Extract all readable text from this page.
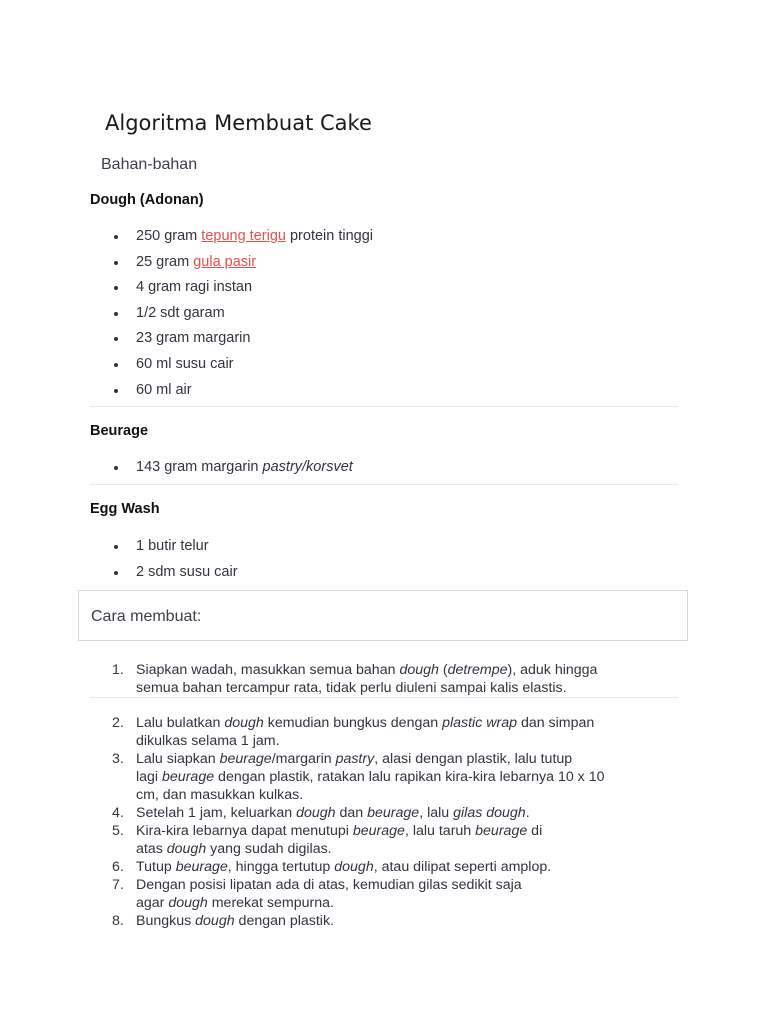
Algoritma Membuat Cake
Bahan-bahan
Dough (Adonan)
250 gram tepung terigu protein tinggi
25 gram gula pasir
4 gram ragi instan
1/2 sdt garam
23 gram margarin
60 ml susu cair
60 ml air
Beurage
143 gram margarin pastry/korsvet
Egg Wash
1 butir telur
2 sdm susu cair
Cara membuat:
1. Siapkan wadah, masukkan semua bahan dough (detrempe), aduk hingga
semua bahan tercampur rata, tidak perlu diuleni sampai kalis elastis.
2. Lalu bulatkan dough kemudian bungkus dengan plastic wrap dan simpan
dikulkas selama 1 jam.
3. Lalu siapkan beurage/margarin pastry, alasi dengan plastik, lalu tutup
lagi beurage dengan plastik, ratakan lalu rapikan kira-kira lebarnya 10 x 10
cm, dan masukkan kulkas.
4. Setelah 1 jam, keluarkan dough dan beurage, lalu gilas dough.
5. Kira-kira lebarnya dapat menutupi beurage, lalu taruh beurage di
atas dough yang sudah digilas.
6. Tutup beurage, hingga tertutup dough, atau dilipat seperti amplop.
7. Dengan posisi lipatan ada di atas, kemudian gilas sedikit saja
agar dough merekat sempurna.
8. Bungkus dough dengan plastik.
